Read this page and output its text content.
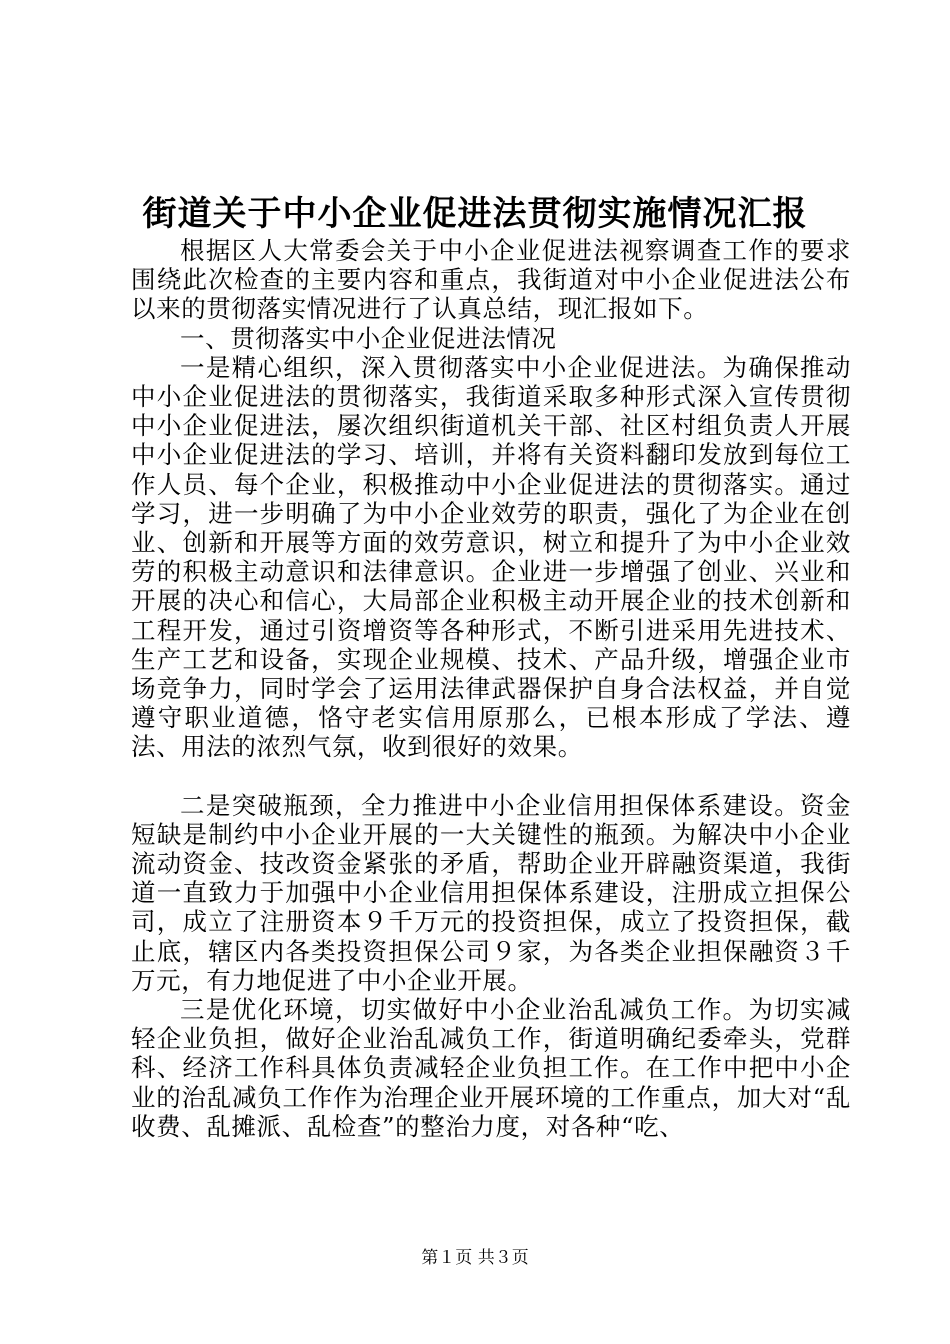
街道关于中小企业促进法贯彻实施情况汇报

根据区人大常委会关于中小企业促进法视察调查工作的要求围绕此次检查的主要内容和重点，我街道对中小企业促进法公布以来的贯彻落实情况进行了认真总结，现汇报如下。

一、贯彻落实中小企业促进法情况

一是精心组织，深入贯彻落实中小企业促进法。为确保推动中小企业促进法的贯彻落实，我街道采取多种形式深入宣传贯彻中小企业促进法，屡次组织街道机关干部、社区村组负责人开展中小企业促进法的学习、培训，并将有关资料翻印发放到每位工作人员、每个企业，积极推动中小企业促进法的贯彻落实。通过学习，进一步明确了为中小企业效劳的职责，强化了为企业在创业、创新和开展等方面的效劳意识，树立和提升了为中小企业效劳的积极主动意识和法律意识。企业进一步增强了创业、兴业和开展的决心和信心，大局部企业积极主动开展企业的技术创新和工程开发，通过引资增资等各种形式，不断引进采用先进技术、生产工艺和设备，实现企业规模、技术、产品升级，增强企业市场竞争力，同时学会了运用法律武器保护自身合法权益，并自觉遵守职业道德，恪守老实信用原那么，已根本形成了学法、遵法、用法的浓烈气氛，收到很好的效果。

二是突破瓶颈，全力推进中小企业信用担保体系建设。资金短缺是制约中小企业开展的一大关键性的瓶颈。为解决中小企业流动资金、技改资金紧张的矛盾，帮助企业开辟融资渠道，我街道一直致力于加强中小企业信用担保体系建设，注册成立担保公司，成立了注册资本９千万元的投资担保，成立了投资担保，截止底，辖区内各类投资担保公司９家，为各类企业担保融资３千万元，有力地促进了中小企业开展。

三是优化环境，切实做好中小企业治乱减负工作。为切实减轻企业负担，做好企业治乱减负工作，街道明确纪委牵头，党群科、经济工作科具体负责减轻企业负担工作。在工作中把中小企业的治乱减负工作作为治理企业开展环境的工作重点，加大对“乱收费、乱摊派、乱检查”的整治力度，对各种“吃、

第１页 共３页
